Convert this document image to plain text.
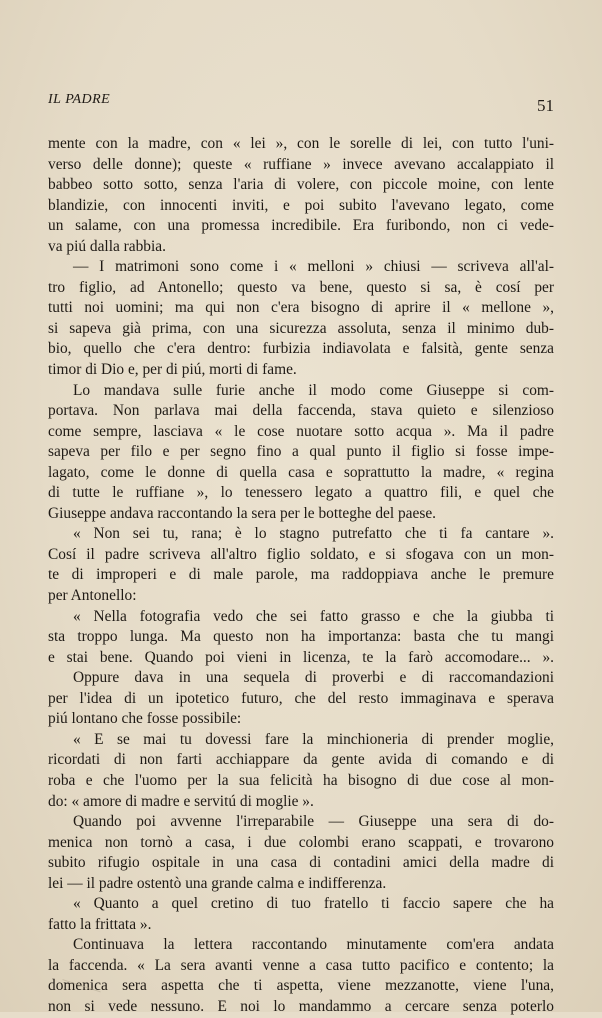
IL PADRE	51
mente con la madre, con « lei », con le sorelle di lei, con tutto l'uni-
verso delle donne); queste « ruffiane » invece avevano accalappiato il
babbeo sotto sotto, senza l'aria di volere, con piccole moine, con lente
blandizie, con innocenti inviti, e poi subito l'avevano legato, come
un salame, con una promessa incredibile. Era furibondo, non ci vede-
va piú dalla rabbia.
— I matrimoni sono come i « melloni » chiusi — scriveva all'al-
tro figlio, ad Antonello; questo va bene, questo si sa, è cosí per
tutti noi uomini; ma qui non c'era bisogno di aprire il « mellone »,
si sapeva già prima, con una sicurezza assoluta, senza il minimo dub-
bio, quello che c'era dentro: furbizia indiavolata e falsità, gente senza
timor di Dio e, per di piú, morti di fame.
Lo mandava sulle furie anche il modo come Giuseppe si com-
portava. Non parlava mai della faccenda, stava quieto e silenzioso
come sempre, lasciava « le cose nuotare sotto acqua ». Ma il padre
sapeva per filo e per segno fino a qual punto il figlio si fosse impe-
lagato, come le donne di quella casa e soprattutto la madre, « regina
di tutte le ruffiane », lo tenessero legato a quattro fili, e quel che
Giuseppe andava raccontando la sera per le botteghe del paese.
« Non sei tu, rana; è lo stagno putrefatto che ti fa cantare ».
Cosí il padre scriveva all'altro figlio soldato, e si sfogava con un mon-
te di improperi e di male parole, ma raddoppiava anche le premure
per Antonello:
« Nella fotografia vedo che sei fatto grasso e che la giubba ti
sta troppo lunga. Ma questo non ha importanza: basta che tu mangi
e stai bene. Quando poi vieni in licenza, te la farò accomodare... ».
Oppure dava in una sequela di proverbi e di raccomandazioni
per l'idea di un ipotetico futuro, che del resto immaginava e sperava
piú lontano che fosse possibile:
« E se mai tu dovessi fare la minchioneria di prender moglie,
ricordati di non farti acchiappare da gente avida di comando e di
roba e che l'uomo per la sua felicità ha bisogno di due cose al mon-
do: « amore di madre e servitú di moglie ».
Quando poi avvenne l'irreparabile — Giuseppe una sera di do-
menica non tornò a casa, i due colombi erano scappati, e trovarono
subito rifugio ospitale in una casa di contadini amici della madre di
lei — il padre ostentò una grande calma e indifferenza.
« Quanto a quel cretino di tuo fratello ti faccio sapere che ha
fatto la frittata ».
Continuava la lettera raccontando minutamente com'era andata
la faccenda. « La sera avanti venne a casa tutto pacifico e contento; la
domenica sera aspetta che ti aspetta, viene mezzanotte, viene l'una,
non si vede nessuno. E noi lo mandammo a cercare senza poterlo
